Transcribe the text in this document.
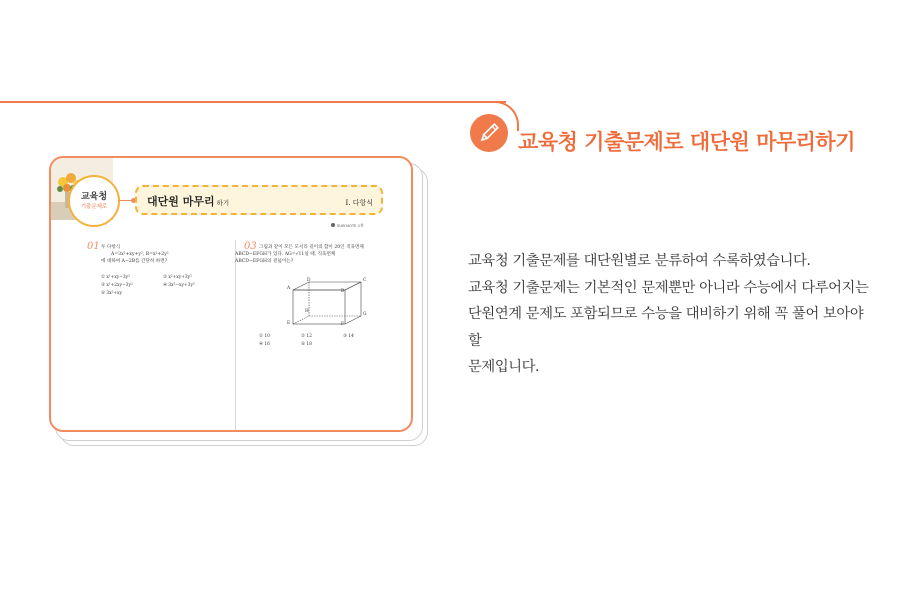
교육청 기출문제로 대단원 마무리하기

교육청 기출문제를 대단원별로 분류하여 수록하였습니다.

교육청 기출문제는 기본적인 문제뿐만 아니라 수능에서 다루어지는

단원연계 문제도 포함되므로 수능을 대비하기 위해 꼭 풀어 보아야 할

문제입니다.

교육청
기출문제로	대단원 마무리 하기	I. 다항식
SUB NOTE 1쪽
01 두 다항식
A=3x²+xy+y², B=x²+2y²
에 대하여 A−2B를 간단히 하면?
① x²+xy−3y²	② x²+xy+3y²
③ x²+2xy−3y²	④ 3x²−xy+3y²
⑤ 3x²+xy
03 그림과 같이 모든 모서리 길이의 합이 20인 직육면체
ABCD−EFGH가 있다. AG=√11일 때, 직육면체
ABCD−EFGH의 겉넓이는?
A
D	C
B
E	F
G
H
① 10	② 12	③ 14
④ 16	⑤ 18
